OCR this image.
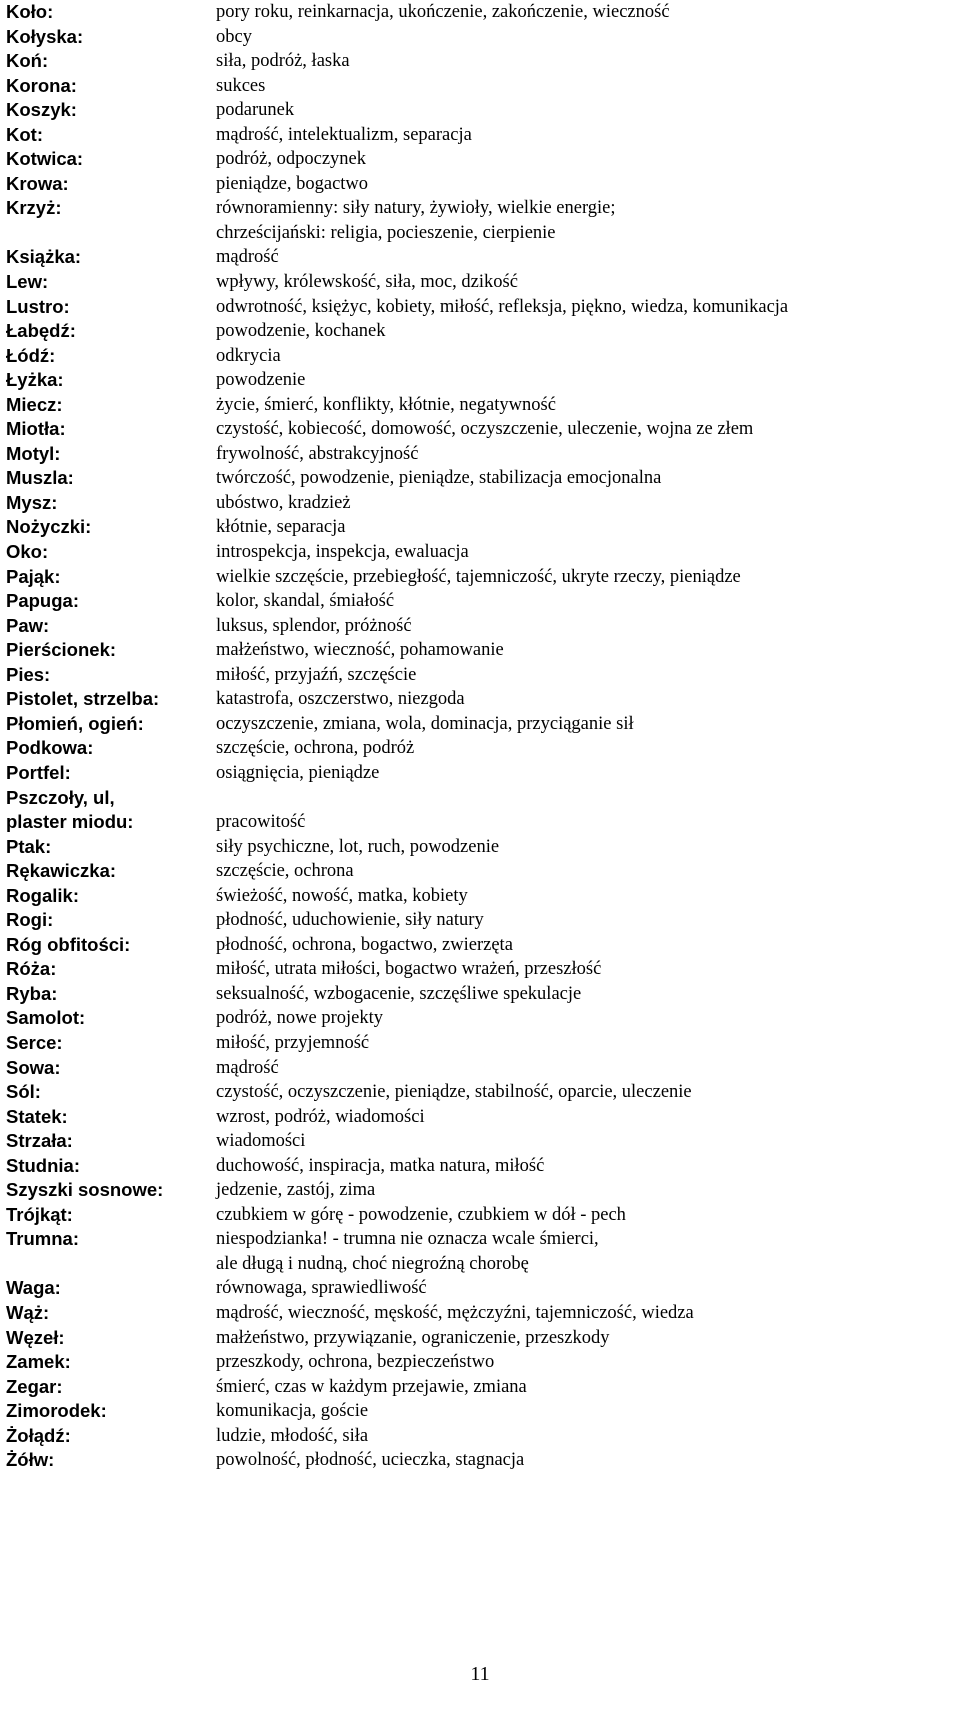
Koło:	pory roku, reinkarnacja, ukończenie, zakończenie, wieczność
Kołyska:	obcy
Koń:	siła, podróż, łaska
Korona:	sukces
Koszyk:	podarunek
Kot:	mądrość, intelektualizm, separacja
Kotwica:	podróż, odpoczynek
Krowa:	pieniądze, bogactwo
Krzyż:	równoramienny: siły natury, żywioły, wielkie energie;
chrześcijański: religia, pocieszenie, cierpienie
Książka:	mądrość
Lew:	wpływy, królewskość, siła, moc, dzikość
Lustro:	odwrotność, księżyc, kobiety, miłość, refleksja, piękno, wiedza, komunikacja
Łabędź:	powodzenie, kochanek
Łódź:	odkrycia
Łyżka:	powodzenie
Miecz:	życie, śmierć, konflikty, kłótnie, negatywność
Miotła:	czystość, kobiecość, domowość, oczyszczenie, uleczenie, wojna ze złem
Motyl:	frywolność, abstrakcyjność
Muszla:	twórczość, powodzenie, pieniądze, stabilizacja emocjonalna
Mysz:	ubóstwo, kradzież
Nożyczki:	kłótnie, separacja
Oko:	introspekcja, inspekcja, ewaluacja
Pająk:	wielkie szczęście, przebiegłość, tajemniczość, ukryte rzeczy, pieniądze
Papuga:	kolor, skandal, śmiałość
Paw:	luksus, splendor, próżność
Pierścionek:	małżeństwo, wieczność, pohamowanie
Pies:	miłość, przyjaźń, szczęście
Pistolet, strzelba:	katastrofa, oszczerstwo, niezgoda
Płomień, ogień:	oczyszczenie, zmiana, wola, dominacja, przyciąganie sił
Podkowa:	szczęście, ochrona, podróż
Portfel:	osiągnięcia, pieniądze
Pszczoły, ul,
plaster miodu:	pracowitość
Ptak:	siły psychiczne, lot, ruch, powodzenie
Rękawiczka:	szczęście, ochrona
Rogalik:	świeżość, nowość, matka, kobiety
Rogi:	płodność, uduchowienie, siły natury
Róg obfitości:	płodność, ochrona, bogactwo, zwierzęta
Róża:	miłość, utrata miłości, bogactwo wrażeń, przeszłość
Ryba:	seksualność, wzbogacenie, szczęśliwe spekulacje
Samolot:	podróż, nowe projekty
Serce:	miłość, przyjemność
Sowa:	mądrość
Sól:	czystość, oczyszczenie, pieniądze, stabilność, oparcie, uleczenie
Statek:	wzrost, podróż, wiadomości
Strzała:	wiadomości
Studnia:	duchowość, inspiracja, matka natura, miłość
Szyszki sosnowe:	jedzenie, zastój, zima
Trójkąt:	czubkiem w górę - powodzenie, czubkiem w dół - pech
Trumna:	niespodzianka! - trumna nie oznacza wcale śmierci,
ale długą i nudną, choć niegroźną chorobę
Waga:	równowaga, sprawiedliwość
Wąż:	mądrość, wieczność, męskość, mężczyźni, tajemniczość, wiedza
Węzeł:	małżeństwo, przywiązanie, ograniczenie, przeszkody
Zamek:	przeszkody, ochrona, bezpieczeństwo
Zegar:	śmierć, czas w każdym przejawie, zmiana
Zimorodek:	komunikacja, goście
Żołądź:	ludzie, młodość, siła
Żółw:	powolność, płodność, ucieczka, stagnacja
11
